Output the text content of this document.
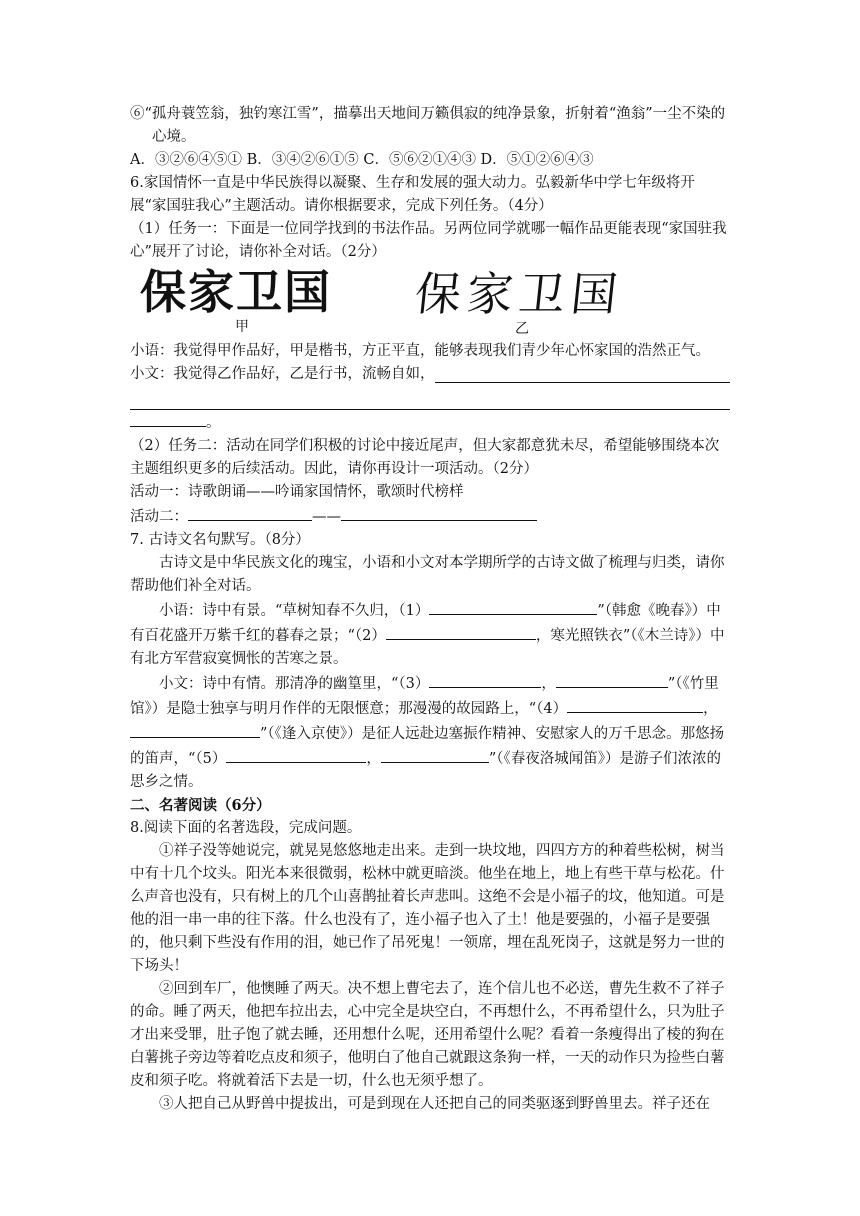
⑥“孤舟蓑笠翁，独钓寒江雪”，描摹出天地间万籁俱寂的纯净景象，折射着“渔翁”一尘不染的心境。

A．③②⑥④⑤① B．③④②⑥①⑤ C．⑤⑥②①④③ D．⑤①②⑥④③

6.家国情怀一直是中华民族得以凝聚、生存和发展的强大动力。弘毅新华中学七年级将开展“家国驻我心”主题活动。请你根据要求，完成下列任务。（4分）

（1）任务一：下面是一位同学找到的书法作品。另两位同学就哪一幅作品更能表现“家国驻我心”展开了讨论，请你补全对话。（2分）

保家卫国 保家卫国
甲	乙

小语：我觉得甲作品好，甲是楷书，方正平直，能够表现我们青少年心怀家国的浩然正气。

小文：我觉得乙作品好，乙是行书，流畅自如，

。

（2）任务二：活动在同学们积极的讨论中接近尾声，但大家都意犹未尽，希望能够围绕本次主题组织更多的后续活动。因此，请你再设计一项活动。（2分）

活动一：诗歌朗诵——吟诵家国情怀，歌颂时代榜样

活动二：	——

7. 古诗文名句默写。（8分）

古诗文是中华民族文化的瑰宝，小语和小文对本学期所学的古诗文做了梳理与归类，请你帮助他们补全对话。

小语：诗中有景。“草树知春不久归，（1）	”（韩愈《晚春》）中有百花盛开万紫千红的暮春之景；“（2）	，寒光照铁衣”（《木兰诗》）中有北方军营寂寞惆怅的苦寒之景。

小文：诗中有情。那清净的幽篁里，“（3）	，	”（《竹里馆》）是隐士独享与明月作伴的无限惬意；那漫漫的故园路上，“（4）	，”（《逢入京使》）是征人远赴边塞振作精神、安慰家人的万千思念。那悠扬的笛声，“（5）	，	”（《春夜洛城闻笛》）是游子们浓浓的思乡之情。

二、名著阅读（6分）

8.阅读下面的名著选段，完成问题。

①祥子没等她说完，就晃晃悠悠地走出来。走到一块坟地，四四方方的种着些松树，树当中有十几个坟头。阳光本来很微弱，松林中就更暗淡。他坐在地上，地上有些干草与松花。什么声音也没有，只有树上的几个山喜鹊扯着长声悲叫。这绝不会是小福子的坟，他知道。可是他的泪一串一串的往下落。什么也没有了，连小福子也入了土！他是要强的，小福子是要强的，他只剩下些没有作用的泪，她已作了吊死鬼！一领席，埋在乱死岗子，这就是努力一世的下场头！

②回到车厂，他懊睡了两天。决不想上曹宅去了，连个信儿也不必送，曹先生救不了祥子的命。睡了两天，他把车拉出去，心中完全是块空白，不再想什么，不再希望什么，只为肚子才出来受罪，肚子饱了就去睡，还用想什么呢，还用希望什么呢？看着一条瘦得出了棱的狗在白薯挑子旁边等着吃点皮和须子，他明白了他自己就跟这条狗一样，一天的动作只为捡些白薯皮和须子吃。将就着活下去是一切，什么也无须乎想了。

③人把自己从野兽中提拔出，可是到现在人还把自己的同类驱逐到野兽里去。祥子还在
